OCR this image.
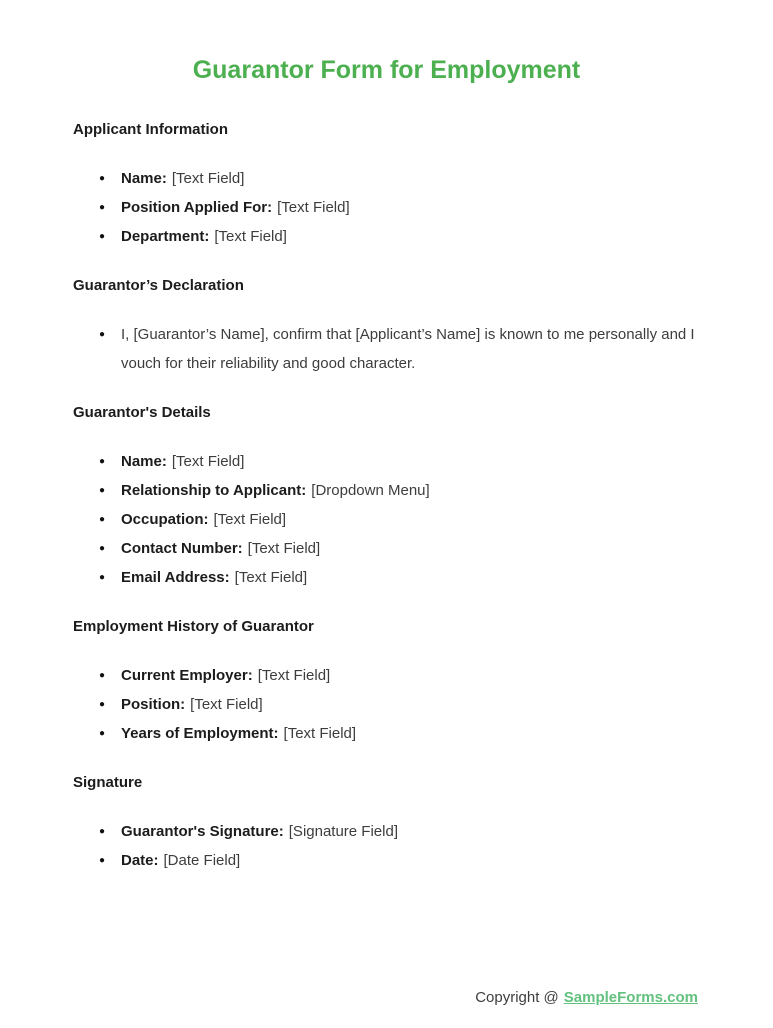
Guarantor Form for Employment
Applicant Information
● Name: [Text Field]
● Position Applied For: [Text Field]
● Department: [Text Field]
Guarantor’s Declaration
● I, [Guarantor’s Name], confirm that [Applicant’s Name] is known to me personally and I vouch for their reliability and good character.
Guarantor's Details
● Name: [Text Field]
● Relationship to Applicant: [Dropdown Menu]
● Occupation: [Text Field]
● Contact Number: [Text Field]
● Email Address: [Text Field]
Employment History of Guarantor
● Current Employer: [Text Field]
● Position: [Text Field]
● Years of Employment: [Text Field]
Signature
● Guarantor's Signature: [Signature Field]
● Date: [Date Field]
Copyright @ SampleForms.com
